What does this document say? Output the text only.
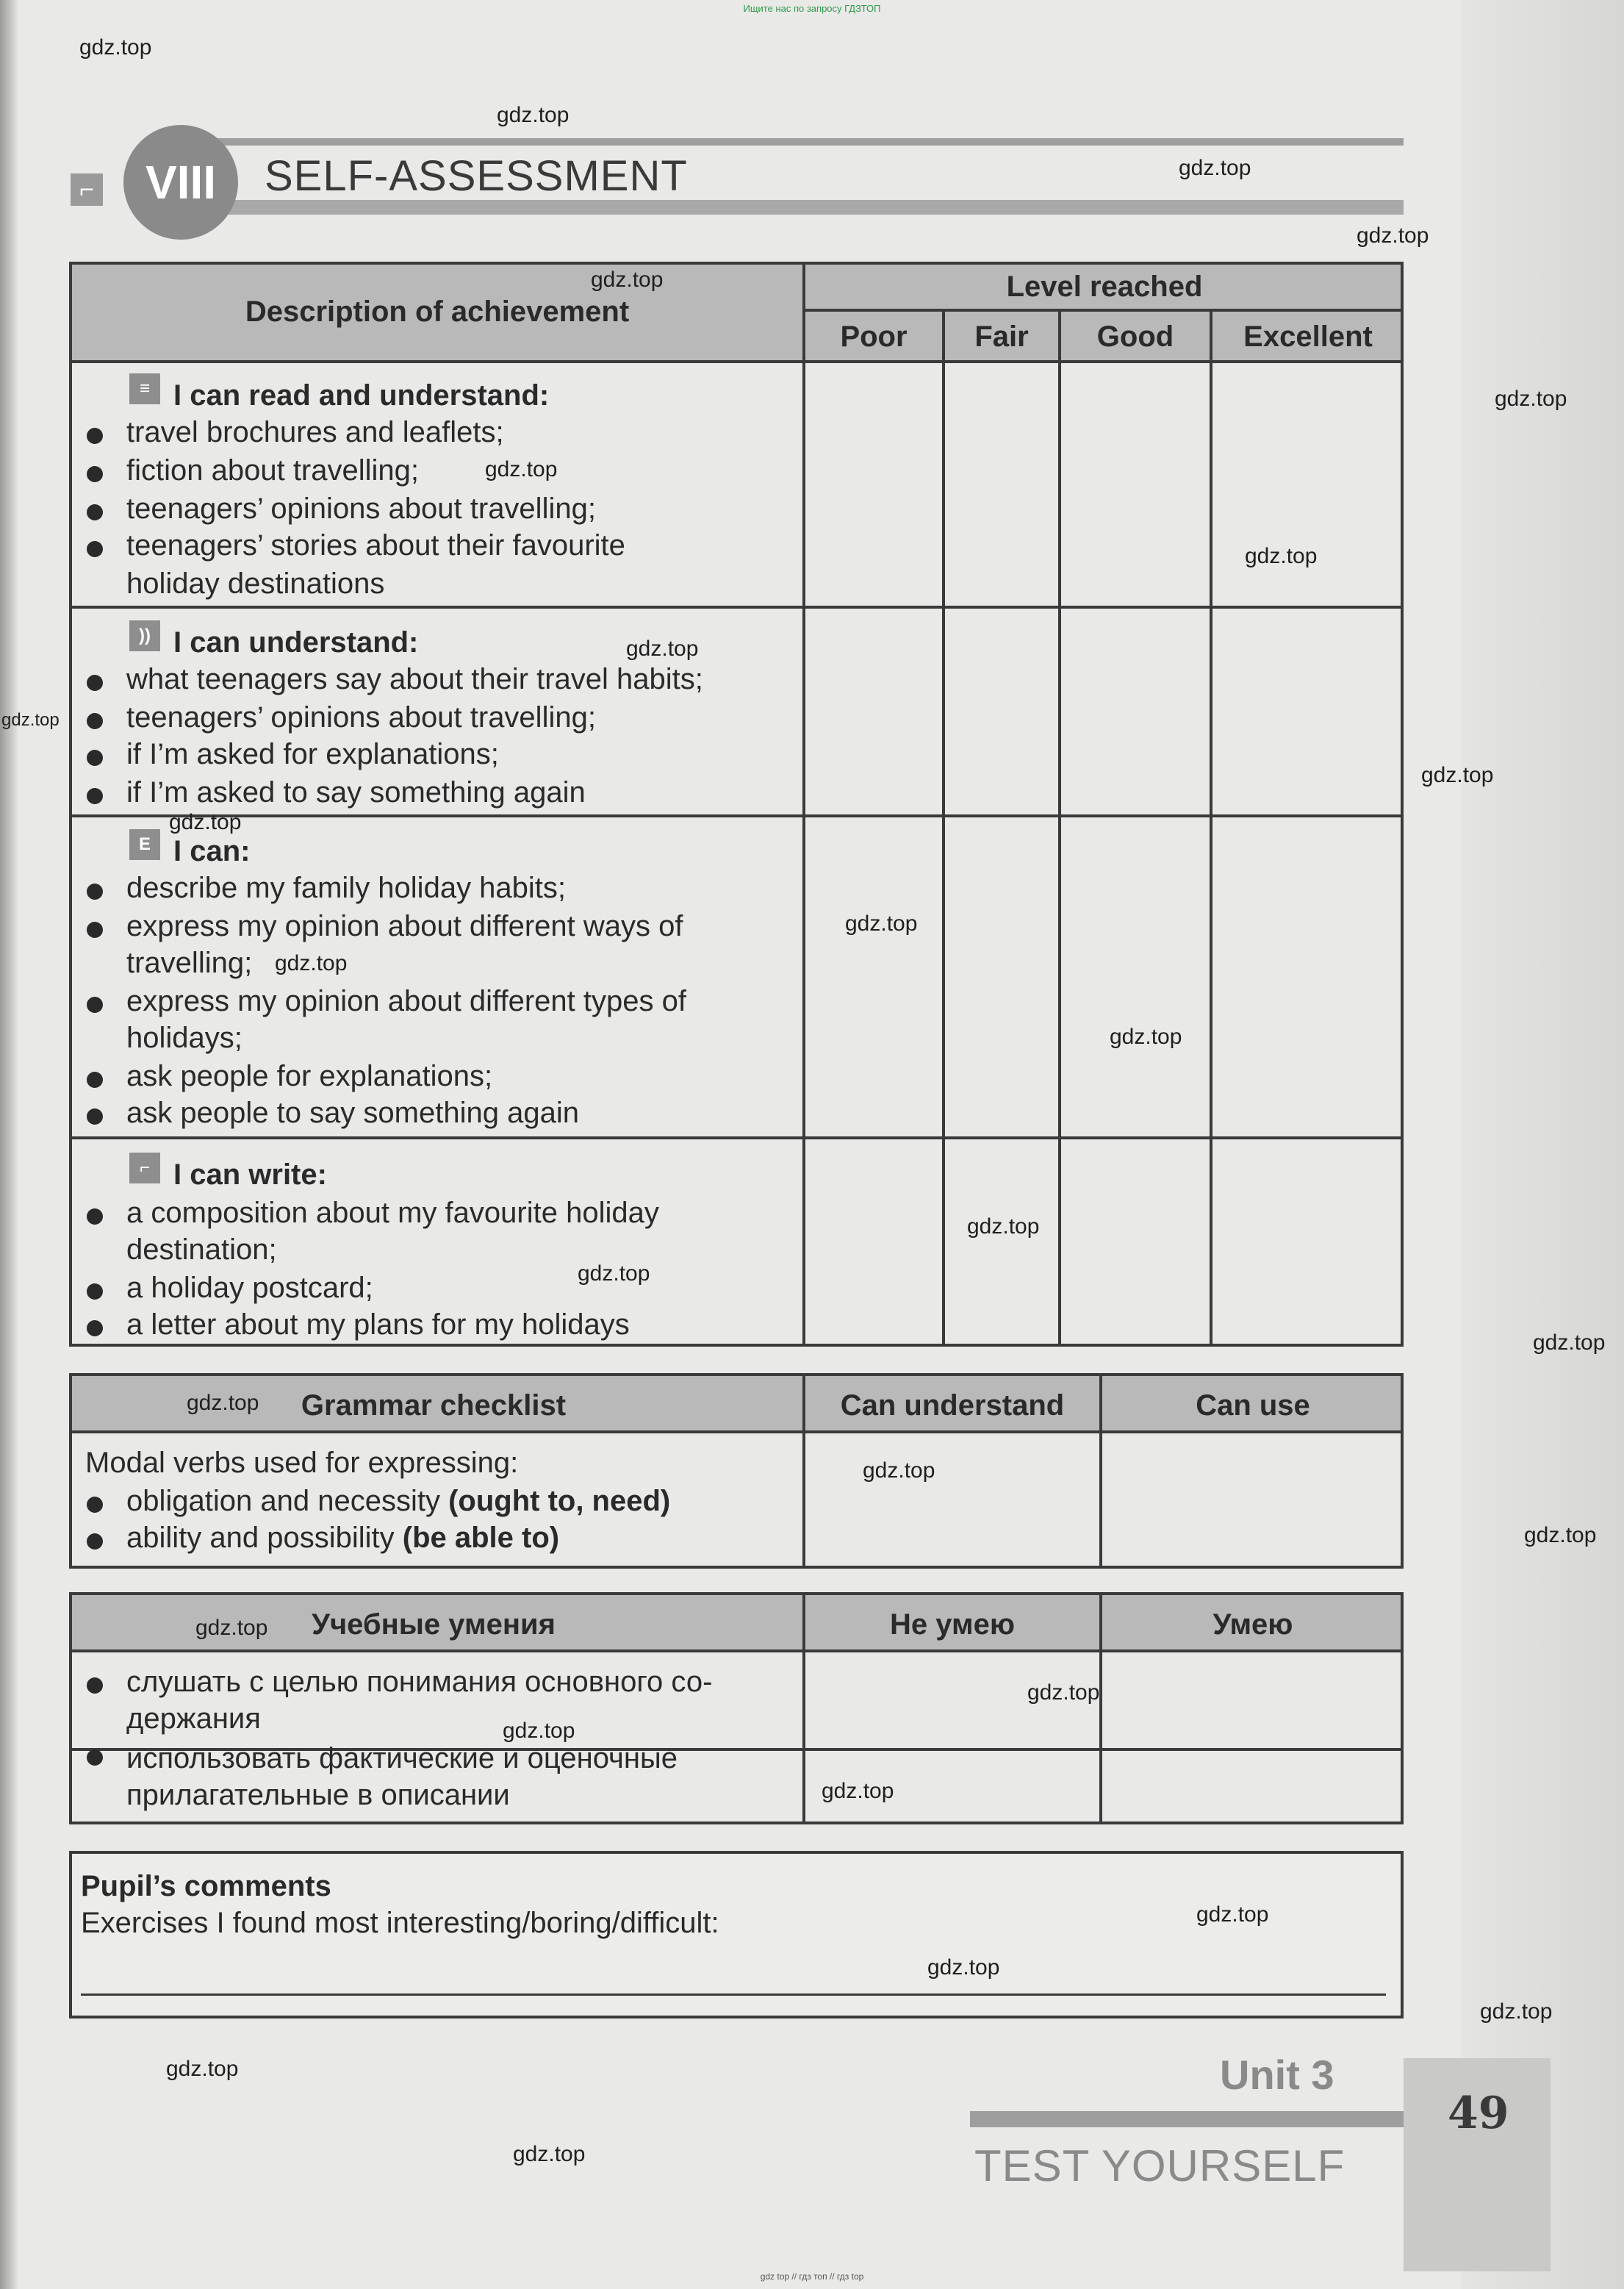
Ищите нас по запросу ГДЗТОП
⌐	VIII	SELF-ASSESSMENT
Description of achievement
Level reached
Poor	Fair	Good	Excellent
≡ I can read and understand:
travel brochures and leaflets;
fiction about travelling;
teenagers’ opinions about travelling;
teenagers’ stories about their favourite
holiday destinations
)) I can understand:
what teenagers say about their travel habits;
teenagers’ opinions about travelling;
if I’m asked for explanations;
if I’m asked to say something again
E I can:
describe my family holiday habits;
express my opinion about different ways of
travelling;
express my opinion about different types of
holidays;
ask people for explanations;
ask people to say something again
⌐ I can write:
a composition about my favourite holiday
destination;
a holiday postcard;
a letter about my plans for my holidays
Grammar checklist	Can understand	Can use
Modal verbs used for expressing:
obligation and necessity (ought to, need)
ability and possibility (be able to)
Учебные умения	Не умею	Умею
слушать с целью понимания основного со-
держания
использовать фактические и оценочные
прилагательные в описании
Pupil’s comments
Exercises I found most interesting/boring/difficult:
Unit 3
TEST YOURSELF
49
gdz.top
gdz.top
gdz.top
gdz.top
gdz.top
gdz.top
gdz.top
gdz.top
gdz.top
gdz.top
gdz.top
gdz.top
gdz.top
gdz.top
gdz.top
gdz.top
gdz.top
gdz.top
gdz.top
gdz.top
gdz.top
gdz.top
gdz.top
gdz.top
gdz.top
gdz.top
gdz.top
gdz.top
gdz.top
gdz.top
gdz top // гдз топ // гдз top
